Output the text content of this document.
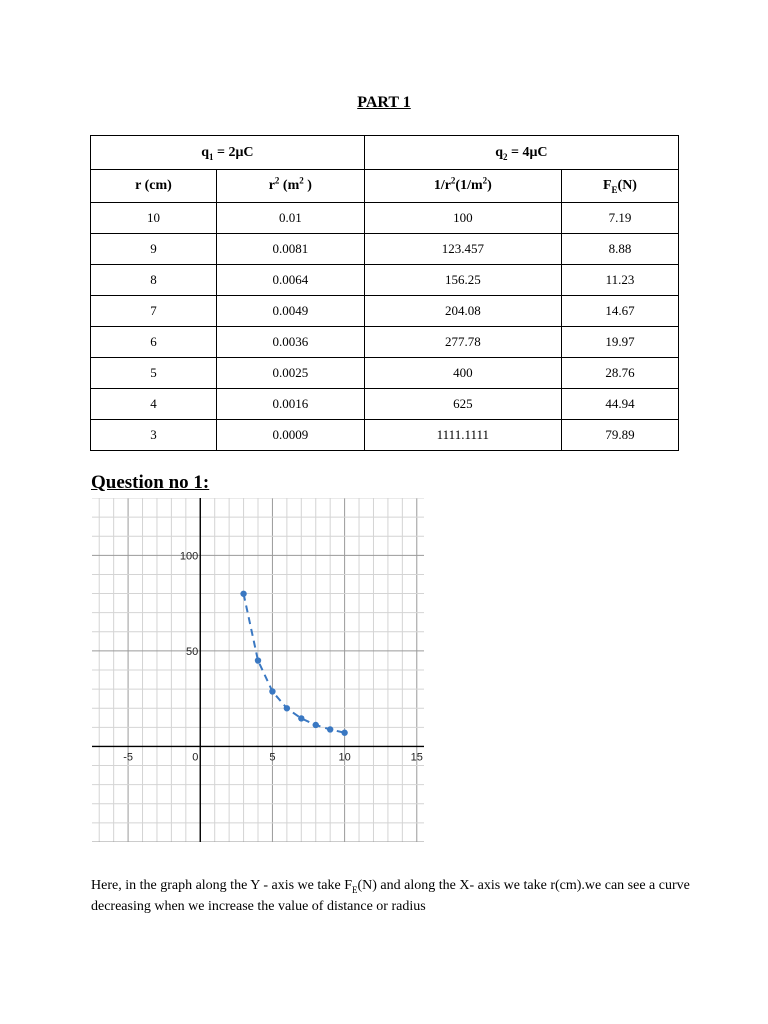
PART 1
$q_1 = 2\mu C$		$q_2 = 4\mu C$	
r (cm)	$r^2$ ($m^2$ )	$1/r^2(1/m^2)$	$F_E(N)$
10	0.01	100	7.19
9	0.0081	123.457	8.88
8	0.0064	156.25	11.23
7	0.0049	204.08	14.67
6	0.0036	277.78	19.97
5	0.0025	400	28.76
4	0.0016	625	44.94
3	0.0009	1111.1111	79.89
Question no 1:
-5	0	5	10	15
50
100
Here, in the graph along the Y - axis we take $F_E(N)$ and along the X- axis we take r(cm).we can see a curve decreasing when we increase the value of distance or radius
